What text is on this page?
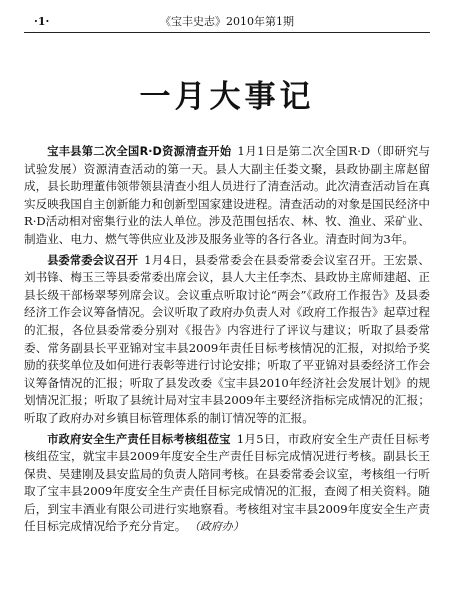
·1·	《宝丰史志》2010年第1期
一月大事记

宝丰县第二次全国R·D资源清查开始 1月1日是第二次全国R·D（即研究与试验发展）资源清查活动的第一天。县人大副主任娄文聚，县政协副主席赵留成，县长助理董伟领带领县清查小组人员进行了清查活动。此次清查活动旨在真实反映我国自主创新能力和创新型国家建设进程。清查活动的对象是国民经济中R·D活动相对密集行业的法人单位。涉及范围包括农、林、牧、渔业、采矿业、制造业、电力、燃气等供应业及涉及服务业等的各行各业。清查时间为3年。

县委常委会议召开 1月4日，县委常委会在县委常委会议室召开。王宏景、刘书锋、梅玉三等县委常委出席会议，县人大主任李杰、县政协主席师建超、正县长级干部杨翠琴列席会议。会议重点听取讨论“两会”《政府工作报告》及县委经济工作会议筹备情况。会议听取了政府办负责人对《政府工作报告》起草过程的汇报，各位县委常委分别对《报告》内容进行了评议与建议；听取了县委常委、常务副县长平亚锦对宝丰县2009年责任目标考核情况的汇报，对拟给予奖励的获奖单位及如何进行表彰等进行讨论安排；听取了平亚锦对县委经济工作会议筹备情况的汇报；听取了县发改委《宝丰县2010年经济社会发展计划》的规划情况汇报；听取了县统计局对宝丰县2009年主要经济指标完成情况的汇报；听取了政府办对乡镇目标管理体系的制订情况等的汇报。

市政府安全生产责任目标考核组莅宝 1月5日，市政府安全生产责任目标考核组莅宝，就宝丰县2009年度安全生产责任目标完成情况进行考核。副县长王保贵、吴建刚及县安监局的负责人陪同考核。在县委常委会议室，考核组一行听取了宝丰县2009年度安全生产责任目标完成情况的汇报，查阅了相关资料。随后，到宝丰酒业有限公司进行实地察看。考核组对宝丰县2009年度安全生产责任目标完成情况给予充分肯定。 （政府办）
